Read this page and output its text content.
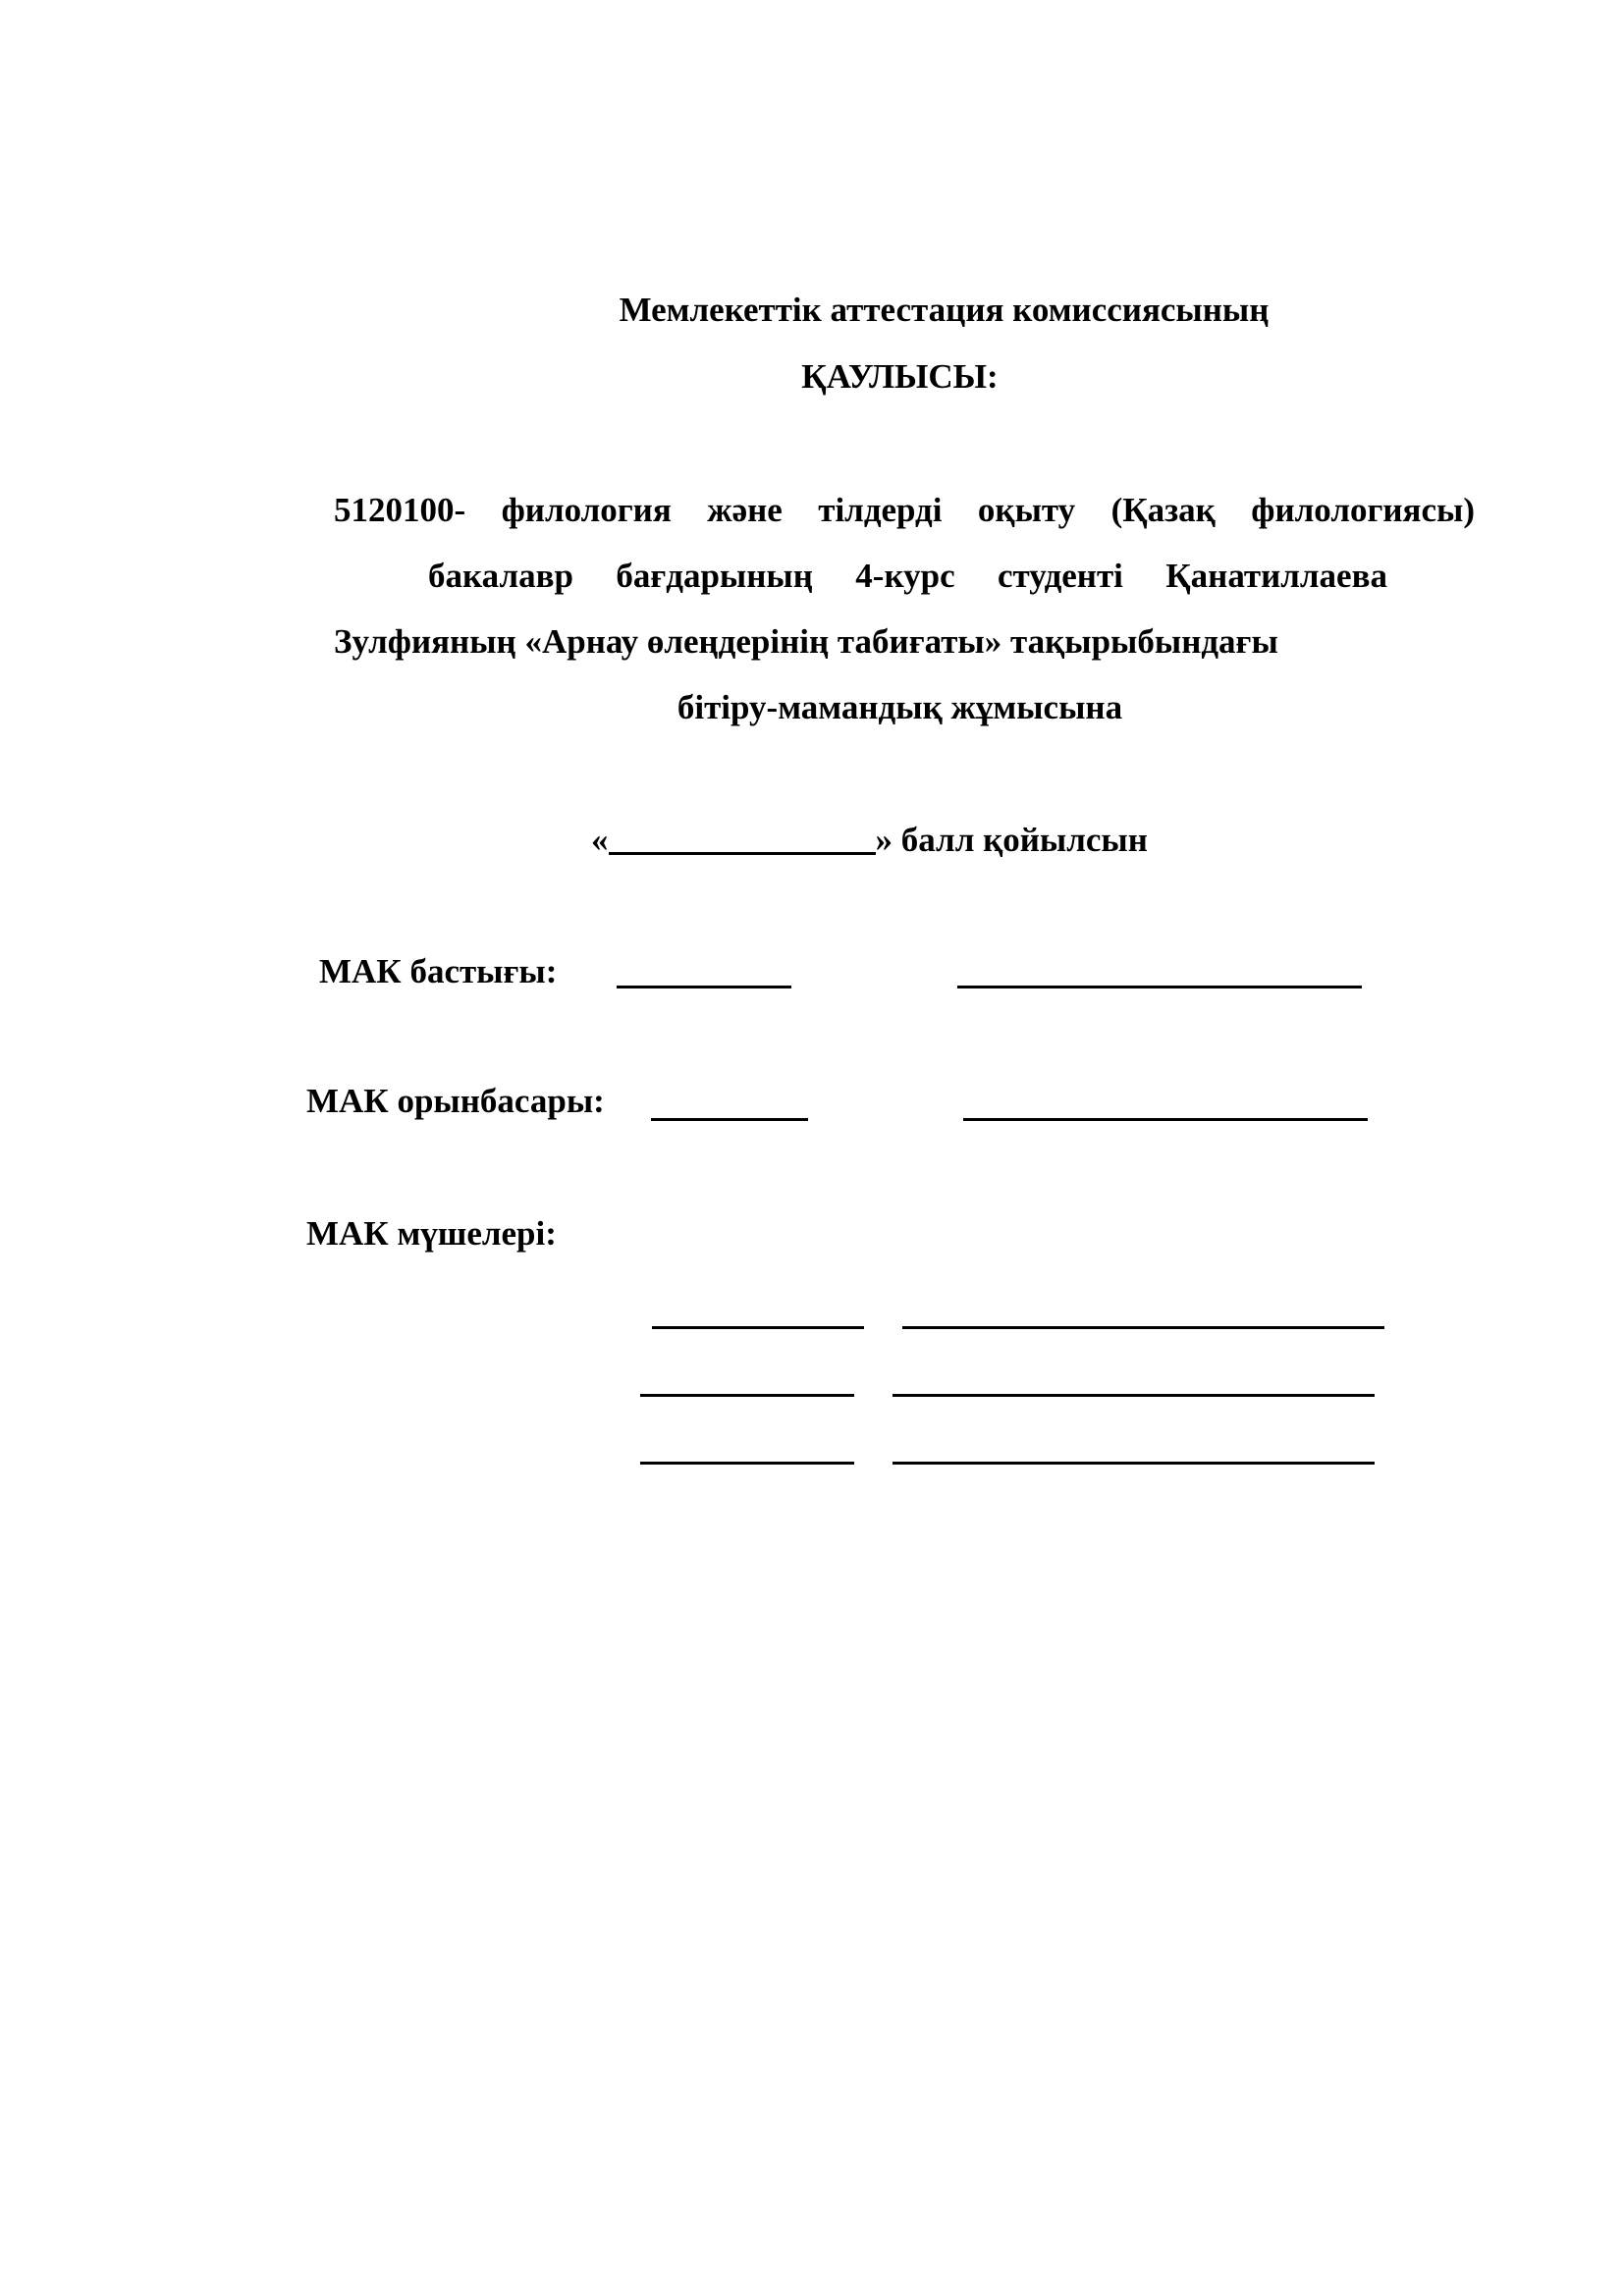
Мемлекеттік аттестация комиссиясының
ҚАУЛЫСЫ:
5120100- филология және тілдерді оқыту (Қазақ филологиясы)
бакалавр бағдарының 4-курс студенті Қанатиллаева
Зулфияның «Арнау өлеңдерінің табиғаты» тақырыбындағы
бітіру-мамандық жұмысына
«	» балл қойылсын
МАК бастығы:
МАК орынбасары:
МАК мүшелері:
